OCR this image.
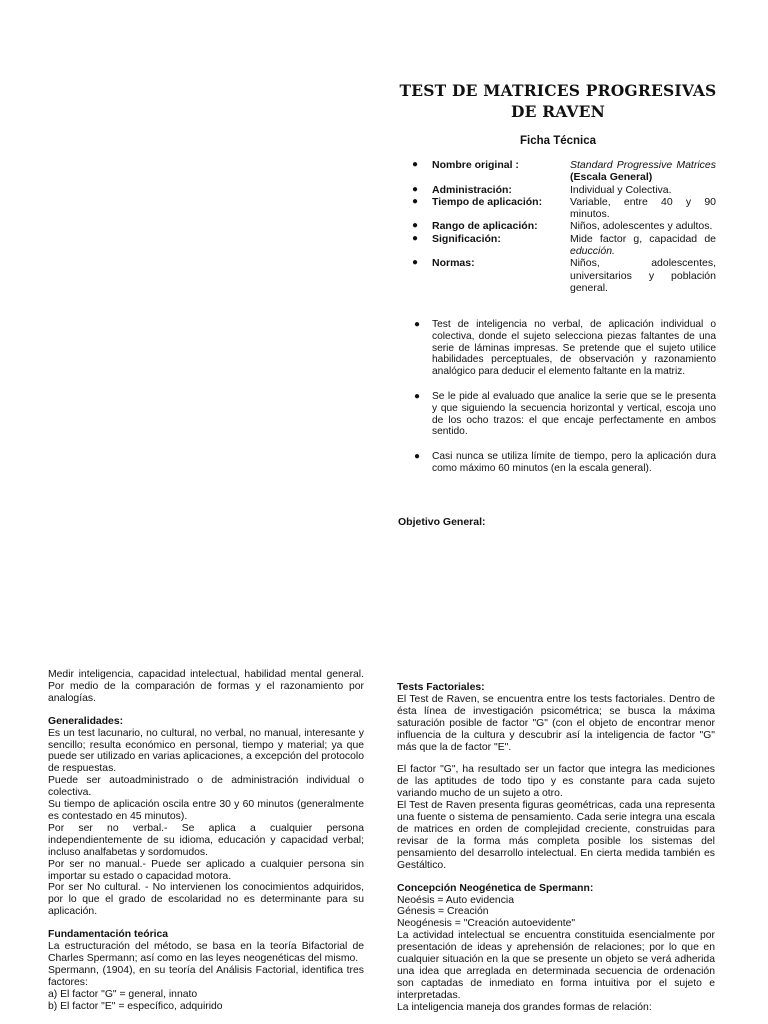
TEST DE MATRICES PROGRESIVAS DE RAVEN
Ficha Técnica
●	Nombre original :	Standard Progressive Matrices (Escala General)
●	Administración:	Individual y Colectiva.
●	Tiempo de aplicación:	Variable, entre 40 y 90 minutos.
●	Rango de aplicación:	Niños, adolescentes y adultos.
●	Significación:	Mide factor g, capacidad de educción.
●	Normas:	Niños, adolescentes, universitarios y población general.
●	Test de inteligencia no verbal, de aplicación individual o colectiva, donde el sujeto selecciona piezas faltantes de una serie de láminas impresas. Se pretende que el sujeto utilice habilidades perceptuales, de observación y razonamiento analógico para deducir el elemento faltante en la matriz.
●	Se le pide al evaluado que analice la serie que se le presenta y que siguiendo la secuencia horizontal y vertical, escoja uno de los ocho trazos: el que encaje perfectamente en ambos sentido.
●	Casi nunca se utiliza límite de tiempo, pero la aplicación dura como máximo 60 minutos (en la escala general).
Objetivo General:

Medir inteligencia, capacidad intelectual, habilidad mental general. Por medio de la comparación de formas y el razonamiento por analogías.

Generalidades:

Es un test lacunario, no cultural, no verbal, no manual, interesante y sencillo; resulta económico en personal, tiempo y material; ya que puede ser utilizado en varias aplicaciones, a excepción del protocolo de respuestas.

Puede ser autoadministrado o de administración individual o colectiva.

Su tiempo de aplicación oscila entre 30 y 60 minutos (generalmente es contestado en 45 minutos).

Por ser no verbal.- Se aplica a cualquier persona independientemente de su idioma, educación y capacidad verbal; incluso analfabetas y sordomudos.

Por ser no manual.- Puede ser aplicado a cualquier persona sin importar su estado o capacidad motora.

Por ser No cultural. - No intervienen los conocimientos adquiridos, por lo que el grado de escolaridad no es determinante para su aplicación.

Fundamentación teórica

La estructuración del método, se basa en la teoría Bifactorial de Charles Spermann; así como en las leyes neogenéticas del mismo.

Spermann, (1904), en su teoría del Análisis Factorial, identifica tres factores:

a) El factor "G" = general, innato

b) El factor "E" = específico, adquirido

Tests Factoriales:

El Test de Raven, se encuentra entre los tests factoriales. Dentro de ésta línea de investigación psicométrica; se busca la máxima saturación posible de factor "G" (con el objeto de encontrar menor influencia de la cultura y descubrir así la inteligencia de factor "G" más que la de factor "E".

El factor "G", ha resultado ser un factor que integra las mediciones de las aptitudes de todo tipo y es constante para cada sujeto variando mucho de un sujeto a otro.

El Test de Raven presenta figuras geométricas, cada una representa una fuente o sistema de pensamiento. Cada serie integra una escala de matrices en orden de complejidad creciente, construidas para revisar de la forma más completa posible los sistemas del pensamiento del desarrollo intelectual. En cierta medida también es Gestáltico.

Concepción Neogénetica de Spermann:

Neoésis = Auto evidencia

Génesis = Creación

Neogénesis = "Creación autoevidente"

La actividad intelectual se encuentra constituida esencialmente por presentación de ideas y aprehensión de relaciones; por lo que en cualquier situación en la que se presente un objeto se verá adherida una idea que arreglada en determinada secuencia de ordenación son captadas de inmediato en forma intuitiva por el sujeto e interpretadas.

La inteligencia maneja dos grandes formas de relación:
